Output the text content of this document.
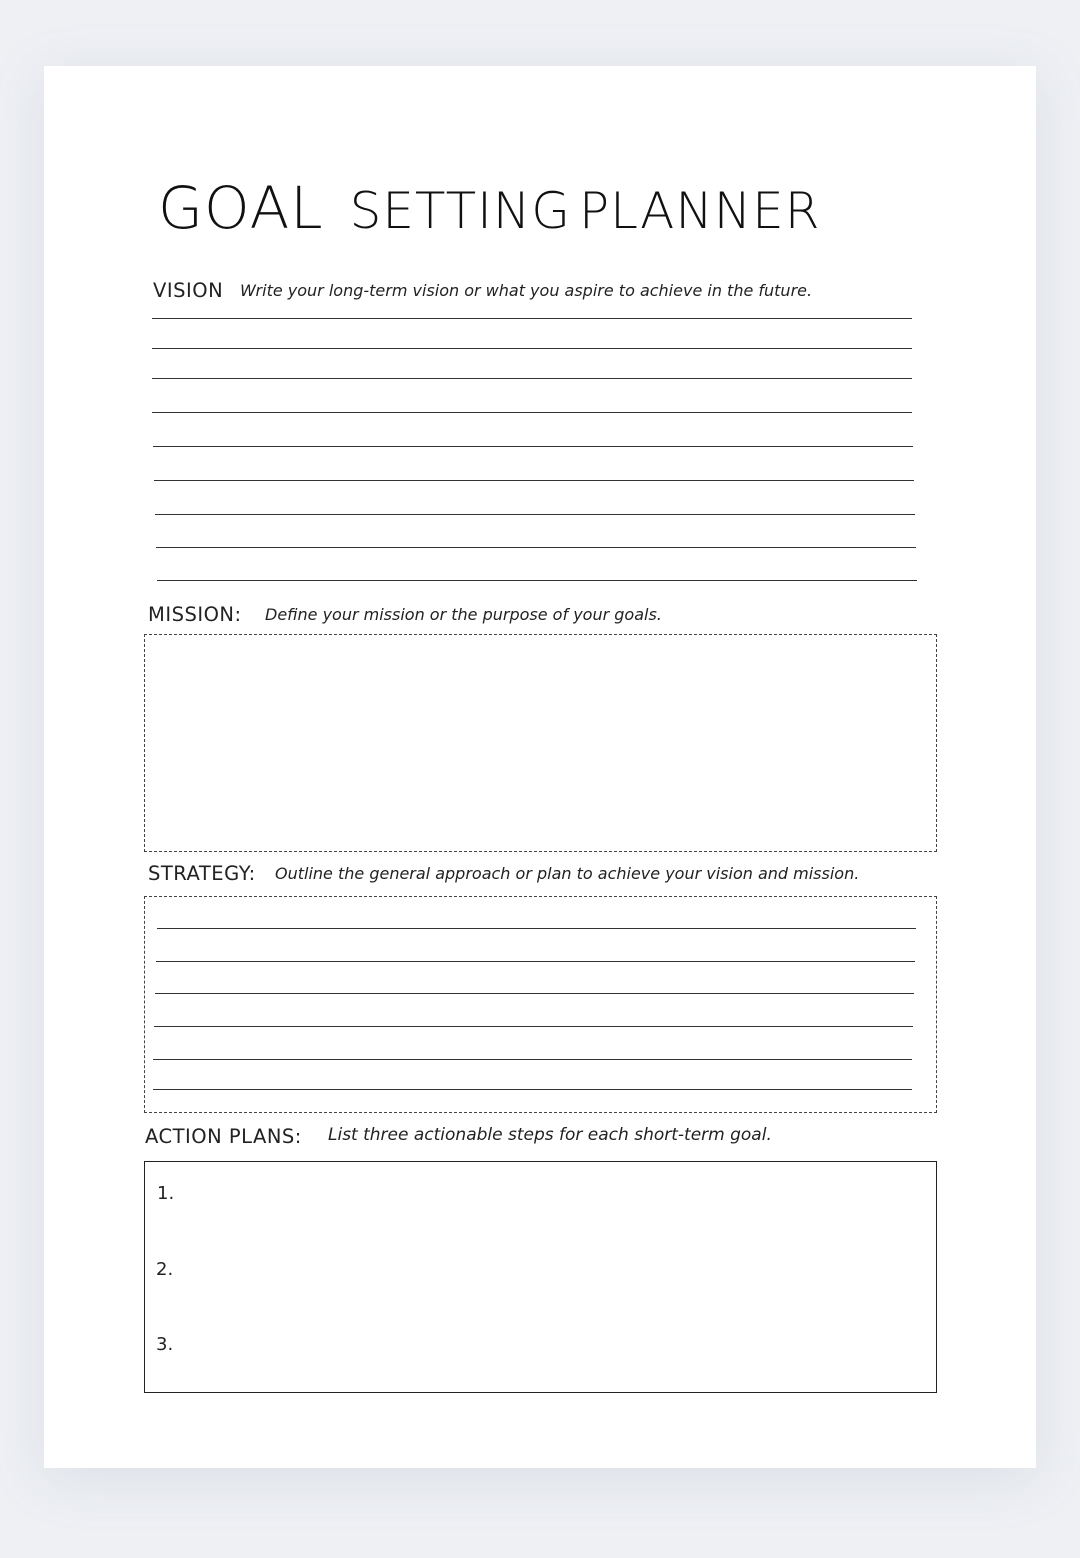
GOAL SETTING PLANNER
VISION Write your long-term vision or what you aspire to achieve in the future.
MISSION: Define your mission or the purpose of your goals.
STRATEGY: Outline the general approach or plan to achieve your vision and mission.
ACTION PLANS: List three actionable steps for each short-term goal.
1.
2.
3.
